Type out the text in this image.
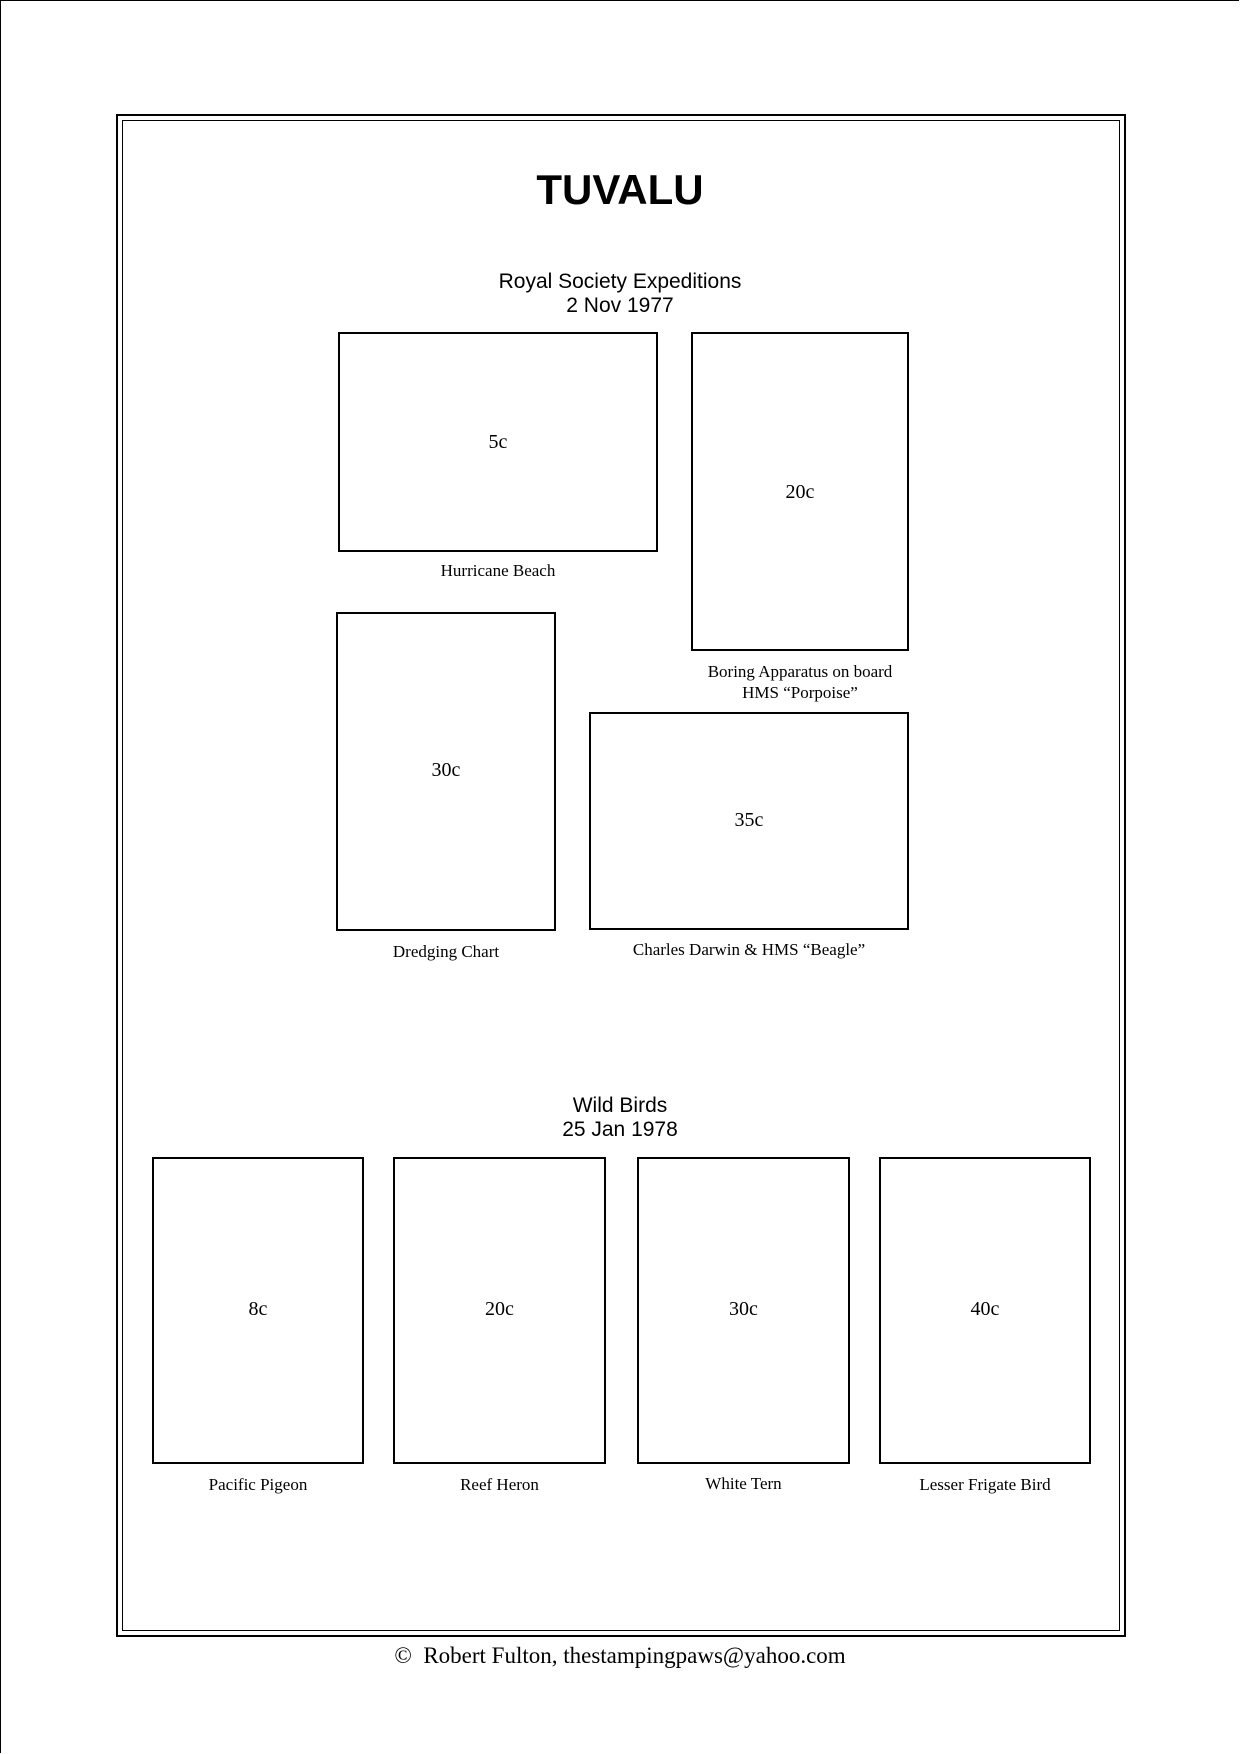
TUVALU
Royal Society Expeditions
2 Nov 1977
5c
Hurricane Beach
20c
Boring Apparatus on board
HMS “Porpoise”
30c
Dredging Chart
35c
Charles Darwin & HMS “Beagle”
Wild Birds
25 Jan 1978
8c
Pacific Pigeon
20c
Reef Heron
30c
White Tern
40c
Lesser Frigate Bird
© Robert Fulton, thestampingpaws@yahoo.com
